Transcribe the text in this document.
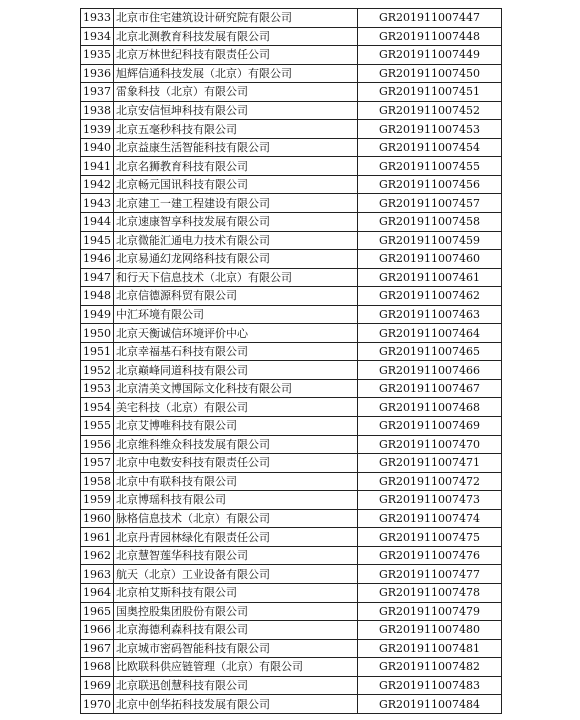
1933	北京市住宅建筑设计研究院有限公司	GR201911007447
1934	北京北测教育科技发展有限公司	GR201911007448
1935	北京万林世纪科技有限责任公司	GR201911007449
1936	旭辉信通科技发展（北京）有限公司	GR201911007450
1937	雷象科技（北京）有限公司	GR201911007451
1938	北京安信恒坤科技有限公司	GR201911007452
1939	北京五毫秒科技有限公司	GR201911007453
1940	北京益康生活智能科技有限公司	GR201911007454
1941	北京名狮教育科技有限公司	GR201911007455
1942	北京畅元国讯科技有限公司	GR201911007456
1943	北京建工一建工程建设有限公司	GR201911007457
1944	北京速康智享科技发展有限公司	GR201911007458
1945	北京微能汇通电力技术有限公司	GR201911007459
1946	北京易通幻龙网络科技有限公司	GR201911007460
1947	和行天下信息技术（北京）有限公司	GR201911007461
1948	北京信德源科贸有限公司	GR201911007462
1949	中汇环境有限公司	GR201911007463
1950	北京天衡诚信环境评价中心	GR201911007464
1951	北京幸福基石科技有限公司	GR201911007465
1952	北京巅峰同道科技有限公司	GR201911007466
1953	北京清美文博国际文化科技有限公司	GR201911007467
1954	美宅科技（北京）有限公司	GR201911007468
1955	北京艾博唯科技有限公司	GR201911007469
1956	北京维科维众科技发展有限公司	GR201911007470
1957	北京中电数安科技有限责任公司	GR201911007471
1958	北京中有联科技有限公司	GR201911007472
1959	北京博瑶科技有限公司	GR201911007473
1960	脉格信息技术（北京）有限公司	GR201911007474
1961	北京丹青园林绿化有限责任公司	GR201911007475
1962	北京慧智莲华科技有限公司	GR201911007476
1963	航天（北京）工业设备有限公司	GR201911007477
1964	北京柏艾斯科技有限公司	GR201911007478
1965	国奥控股集团股份有限公司	GR201911007479
1966	北京海德利森科技有限公司	GR201911007480
1967	北京城市密码智能科技有限公司	GR201911007481
1968	比欧联科供应链管理（北京）有限公司	GR201911007482
1969	北京联迅创慧科技有限公司	GR201911007483
1970	北京中创华拓科技发展有限公司	GR201911007484
